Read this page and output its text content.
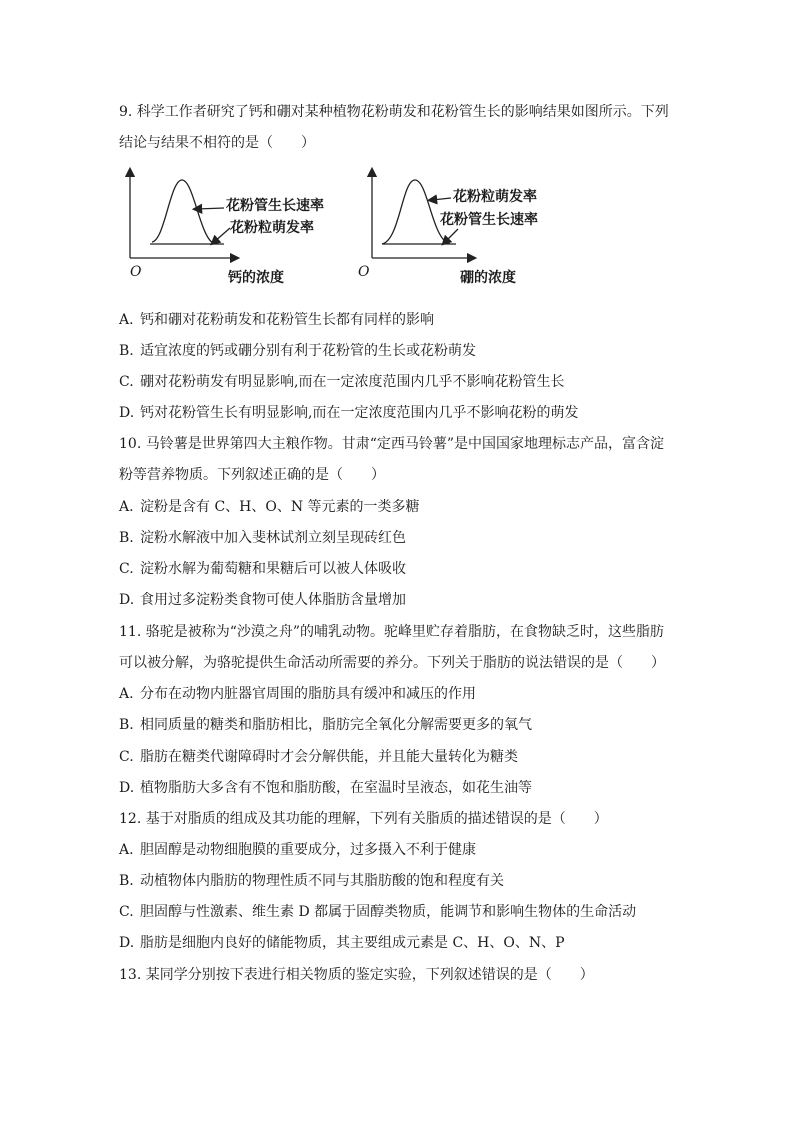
9. 科学工作者研究了钙和硼对某种植物花粉萌发和花粉管生长的影响结果如图所示。下列
结论与结果不相符的是（　　）
花粉管生长速率
花粉粒萌发率
O	钙的浓度
花粉粒萌发率
花粉管生长速率
O	硼的浓度
A. 钙和硼对花粉萌发和花粉管生长都有同样的影响
B. 适宜浓度的钙或硼分别有利于花粉管的生长或花粉萌发
C. 硼对花粉萌发有明显影响,而在一定浓度范围内几乎不影响花粉管生长
D. 钙对花粉管生长有明显影响,而在一定浓度范围内几乎不影响花粉的萌发
10. 马铃薯是世界第四大主粮作物。甘肃“定西马铃薯”是中国国家地理标志产品，富含淀
粉等营养物质。下列叙述正确的是（　　）
A. 淀粉是含有 C、H、O、N 等元素的一类多糖
B. 淀粉水解液中加入斐林试剂立刻呈现砖红色
C. 淀粉水解为葡萄糖和果糖后可以被人体吸收
D. 食用过多淀粉类食物可使人体脂肪含量增加
11. 骆驼是被称为“沙漠之舟”的哺乳动物。驼峰里贮存着脂肪，在食物缺乏时，这些脂肪
可以被分解，为骆驼提供生命活动所需要的养分。下列关于脂肪的说法错误的是（　　）
A. 分布在动物内脏器官周围的脂肪具有缓冲和减压的作用
B. 相同质量的糖类和脂肪相比，脂肪完全氧化分解需要更多的氧气
C. 脂肪在糖类代谢障碍时才会分解供能，并且能大量转化为糖类
D. 植物脂肪大多含有不饱和脂肪酸，在室温时呈液态，如花生油等
12. 基于对脂质的组成及其功能的理解，下列有关脂质的描述错误的是（　　）
A. 胆固醇是动物细胞膜的重要成分，过多摄入不利于健康
B. 动植物体内脂肪的物理性质不同与其脂肪酸的饱和程度有关
C. 胆固醇与性激素、维生素 D 都属于固醇类物质，能调节和影响生物体的生命活动
D. 脂肪是细胞内良好的储能物质，其主要组成元素是 C、H、O、N、P
13. 某同学分别按下表进行相关物质的鉴定实验，下列叙述错误的是（　　）
